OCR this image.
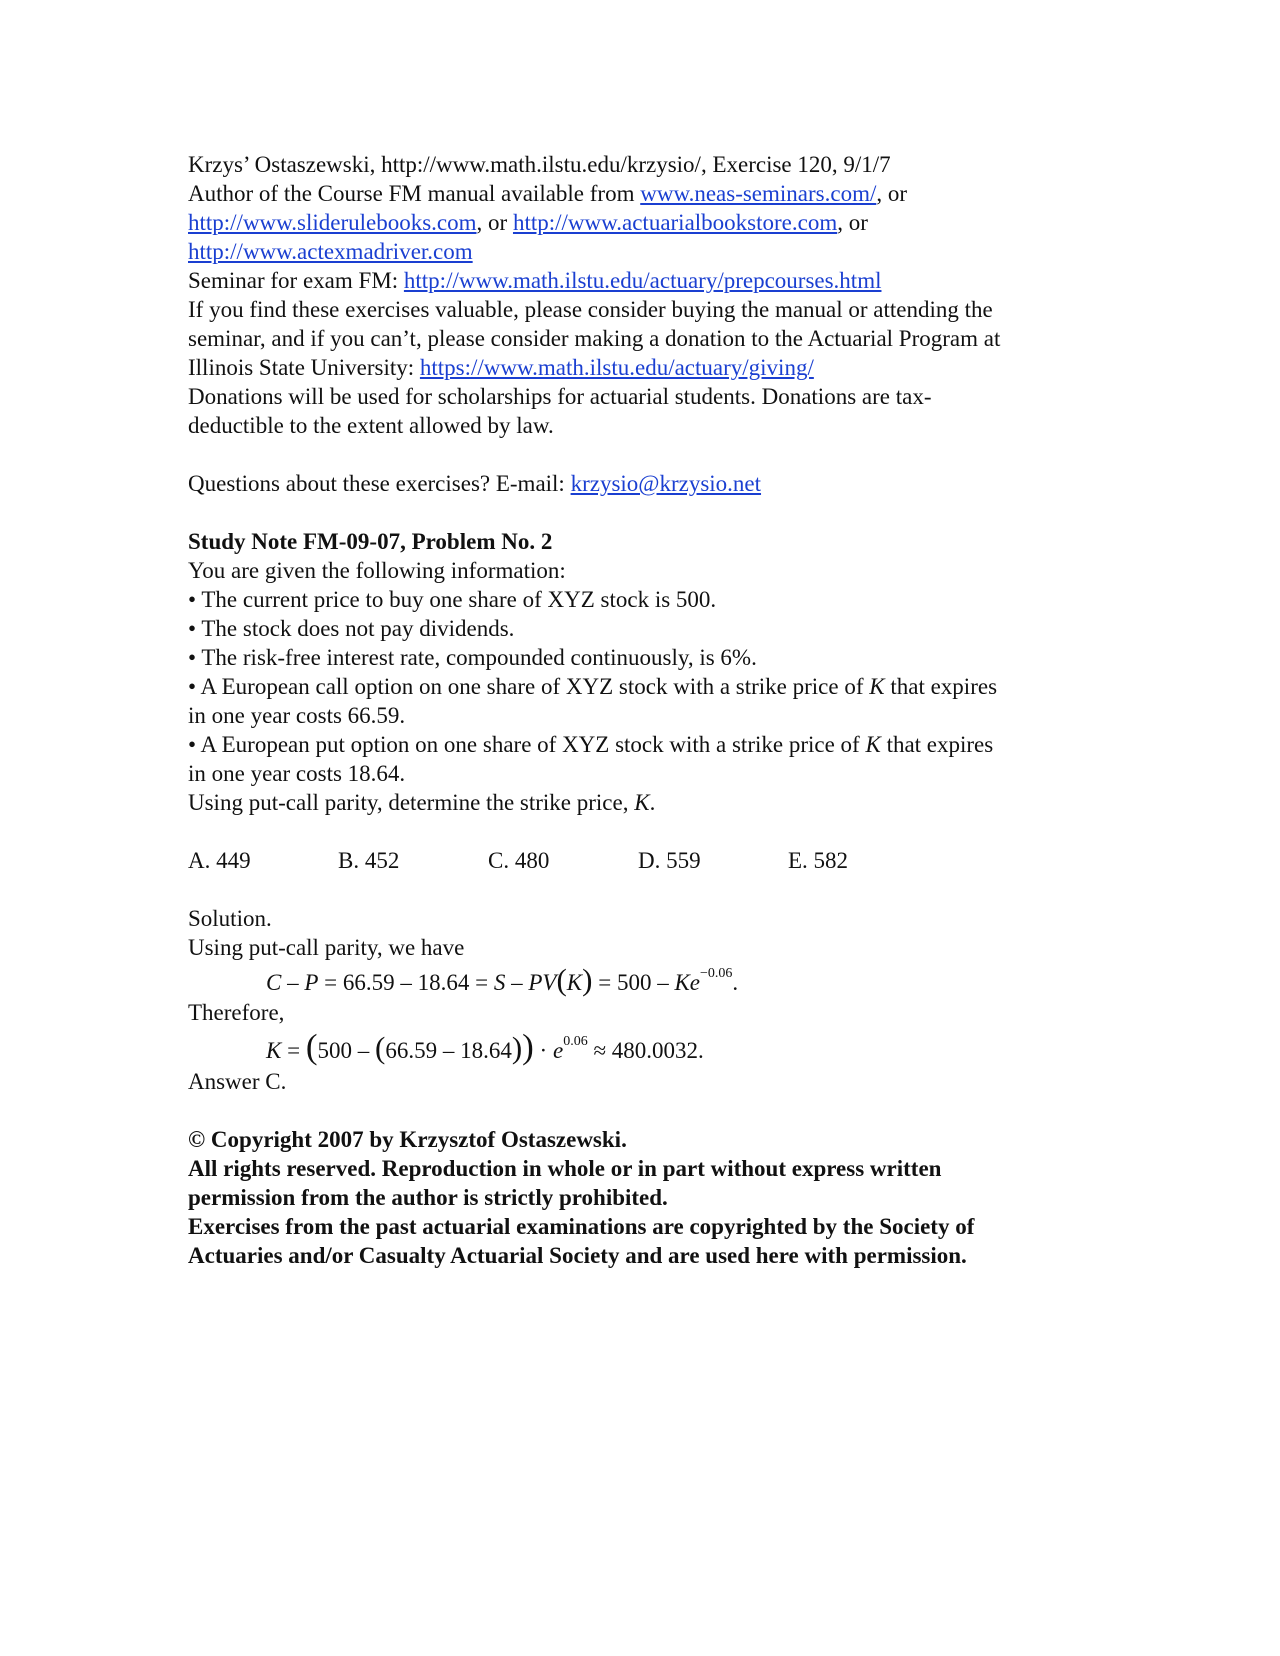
Krzys’ Ostaszewski, http://www.math.ilstu.edu/krzysio/, Exercise 120, 9/1/7

Author of the Course FM manual available from www.neas-seminars.com/, or

http://www.sliderulebooks.com, or http://www.actuarialbookstore.com, or

http://www.actexmadriver.com

Seminar for exam FM: http://www.math.ilstu.edu/actuary/prepcourses.html

If you find these exercises valuable, please consider buying the manual or attending the

seminar, and if you can’t, please consider making a donation to the Actuarial Program at

Illinois State University: https://www.math.ilstu.edu/actuary/giving/

Donations will be used for scholarships for actuarial students. Donations are tax-

deductible to the extent allowed by law.

Questions about these exercises? E-mail: krzysio@krzysio.net

Study Note FM-09-07, Problem No. 2

You are given the following information:

• The current price to buy one share of XYZ stock is 500.

• The stock does not pay dividends.

• The risk-free interest rate, compounded continuously, is 6%.

• A European call option on one share of XYZ stock with a strike price of K that expires

in one year costs 66.59.

• A European put option on one share of XYZ stock with a strike price of K that expires

in one year costs 18.64.

Using put-call parity, determine the strike price, K.

A. 449	B. 452	C. 480	D. 559	E. 582

Solution.

Using put-call parity, we have

$C - P = 66.59 - 18.64 = S - PV(K) = 500 - Ke^{-0.06}$.

Therefore,

$K = (500 - (66.59 - 18.64)) \cdot e^{0.06} \approx 480.0032$.

Answer C.

© Copyright 2007 by Krzysztof Ostaszewski.

All rights reserved. Reproduction in whole or in part without express written

permission from the author is strictly prohibited.

Exercises from the past actuarial examinations are copyrighted by the Society of

Actuaries and/or Casualty Actuarial Society and are used here with permission.
